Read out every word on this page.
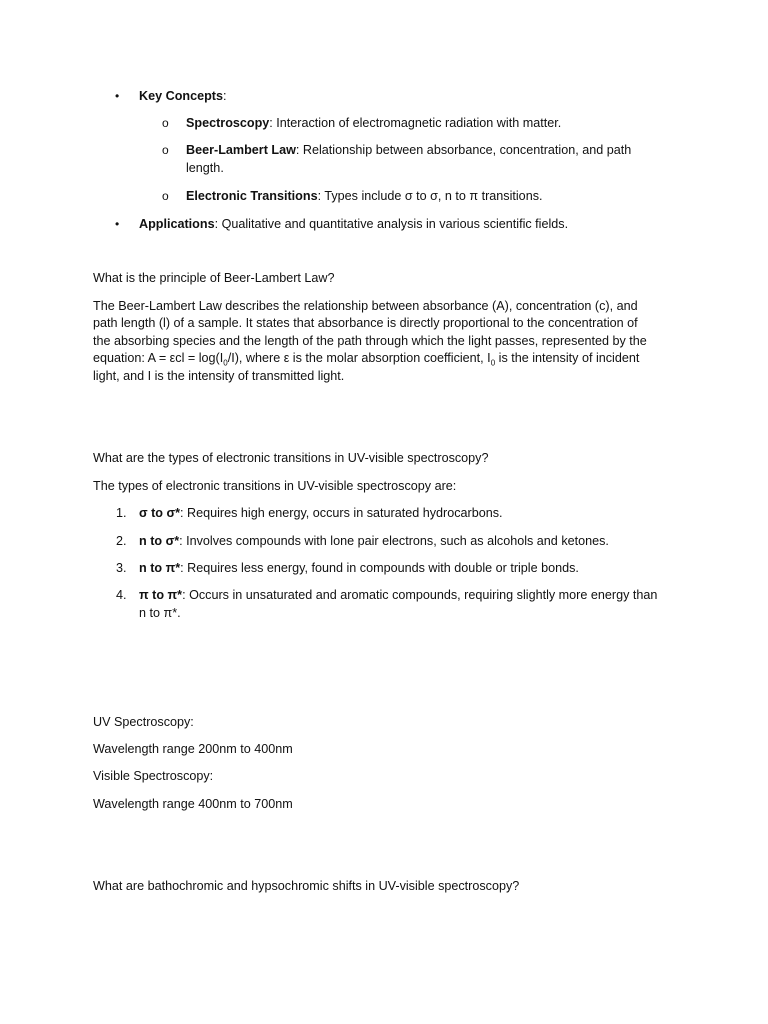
• Key Concepts:
o Spectroscopy: Interaction of electromagnetic radiation with matter.
o Beer-Lambert Law: Relationship between absorbance, concentration, and path
length.
o Electronic Transitions: Types include σ to σ, n to π transitions.
• Applications: Qualitative and quantitative analysis in various scientific fields.
What is the principle of Beer-Lambert Law?
The Beer-Lambert Law describes the relationship between absorbance (A), concentration (c), and
path length (l) of a sample. It states that absorbance is directly proportional to the concentration of
the absorbing species and the length of the path through which the light passes, represented by the
equation: $A = \varepsilon cl = \log(I_0/I)$, where ε is the molar absorption coefficient, $I_0$ is the intensity of incident
light, and I is the intensity of transmitted light.
What are the types of electronic transitions in UV-visible spectroscopy?
The types of electronic transitions in UV-visible spectroscopy are:
1. σ to σ*: Requires high energy, occurs in saturated hydrocarbons.
2. n to σ*: Involves compounds with lone pair electrons, such as alcohols and ketones.
3. n to π*: Requires less energy, found in compounds with double or triple bonds.
4. π to π*: Occurs in unsaturated and aromatic compounds, requiring slightly more energy than
n to π*.
UV Spectroscopy:
Wavelength range 200nm to 400nm
Visible Spectroscopy:
Wavelength range 400nm to 700nm
What are bathochromic and hypsochromic shifts in UV-visible spectroscopy?
